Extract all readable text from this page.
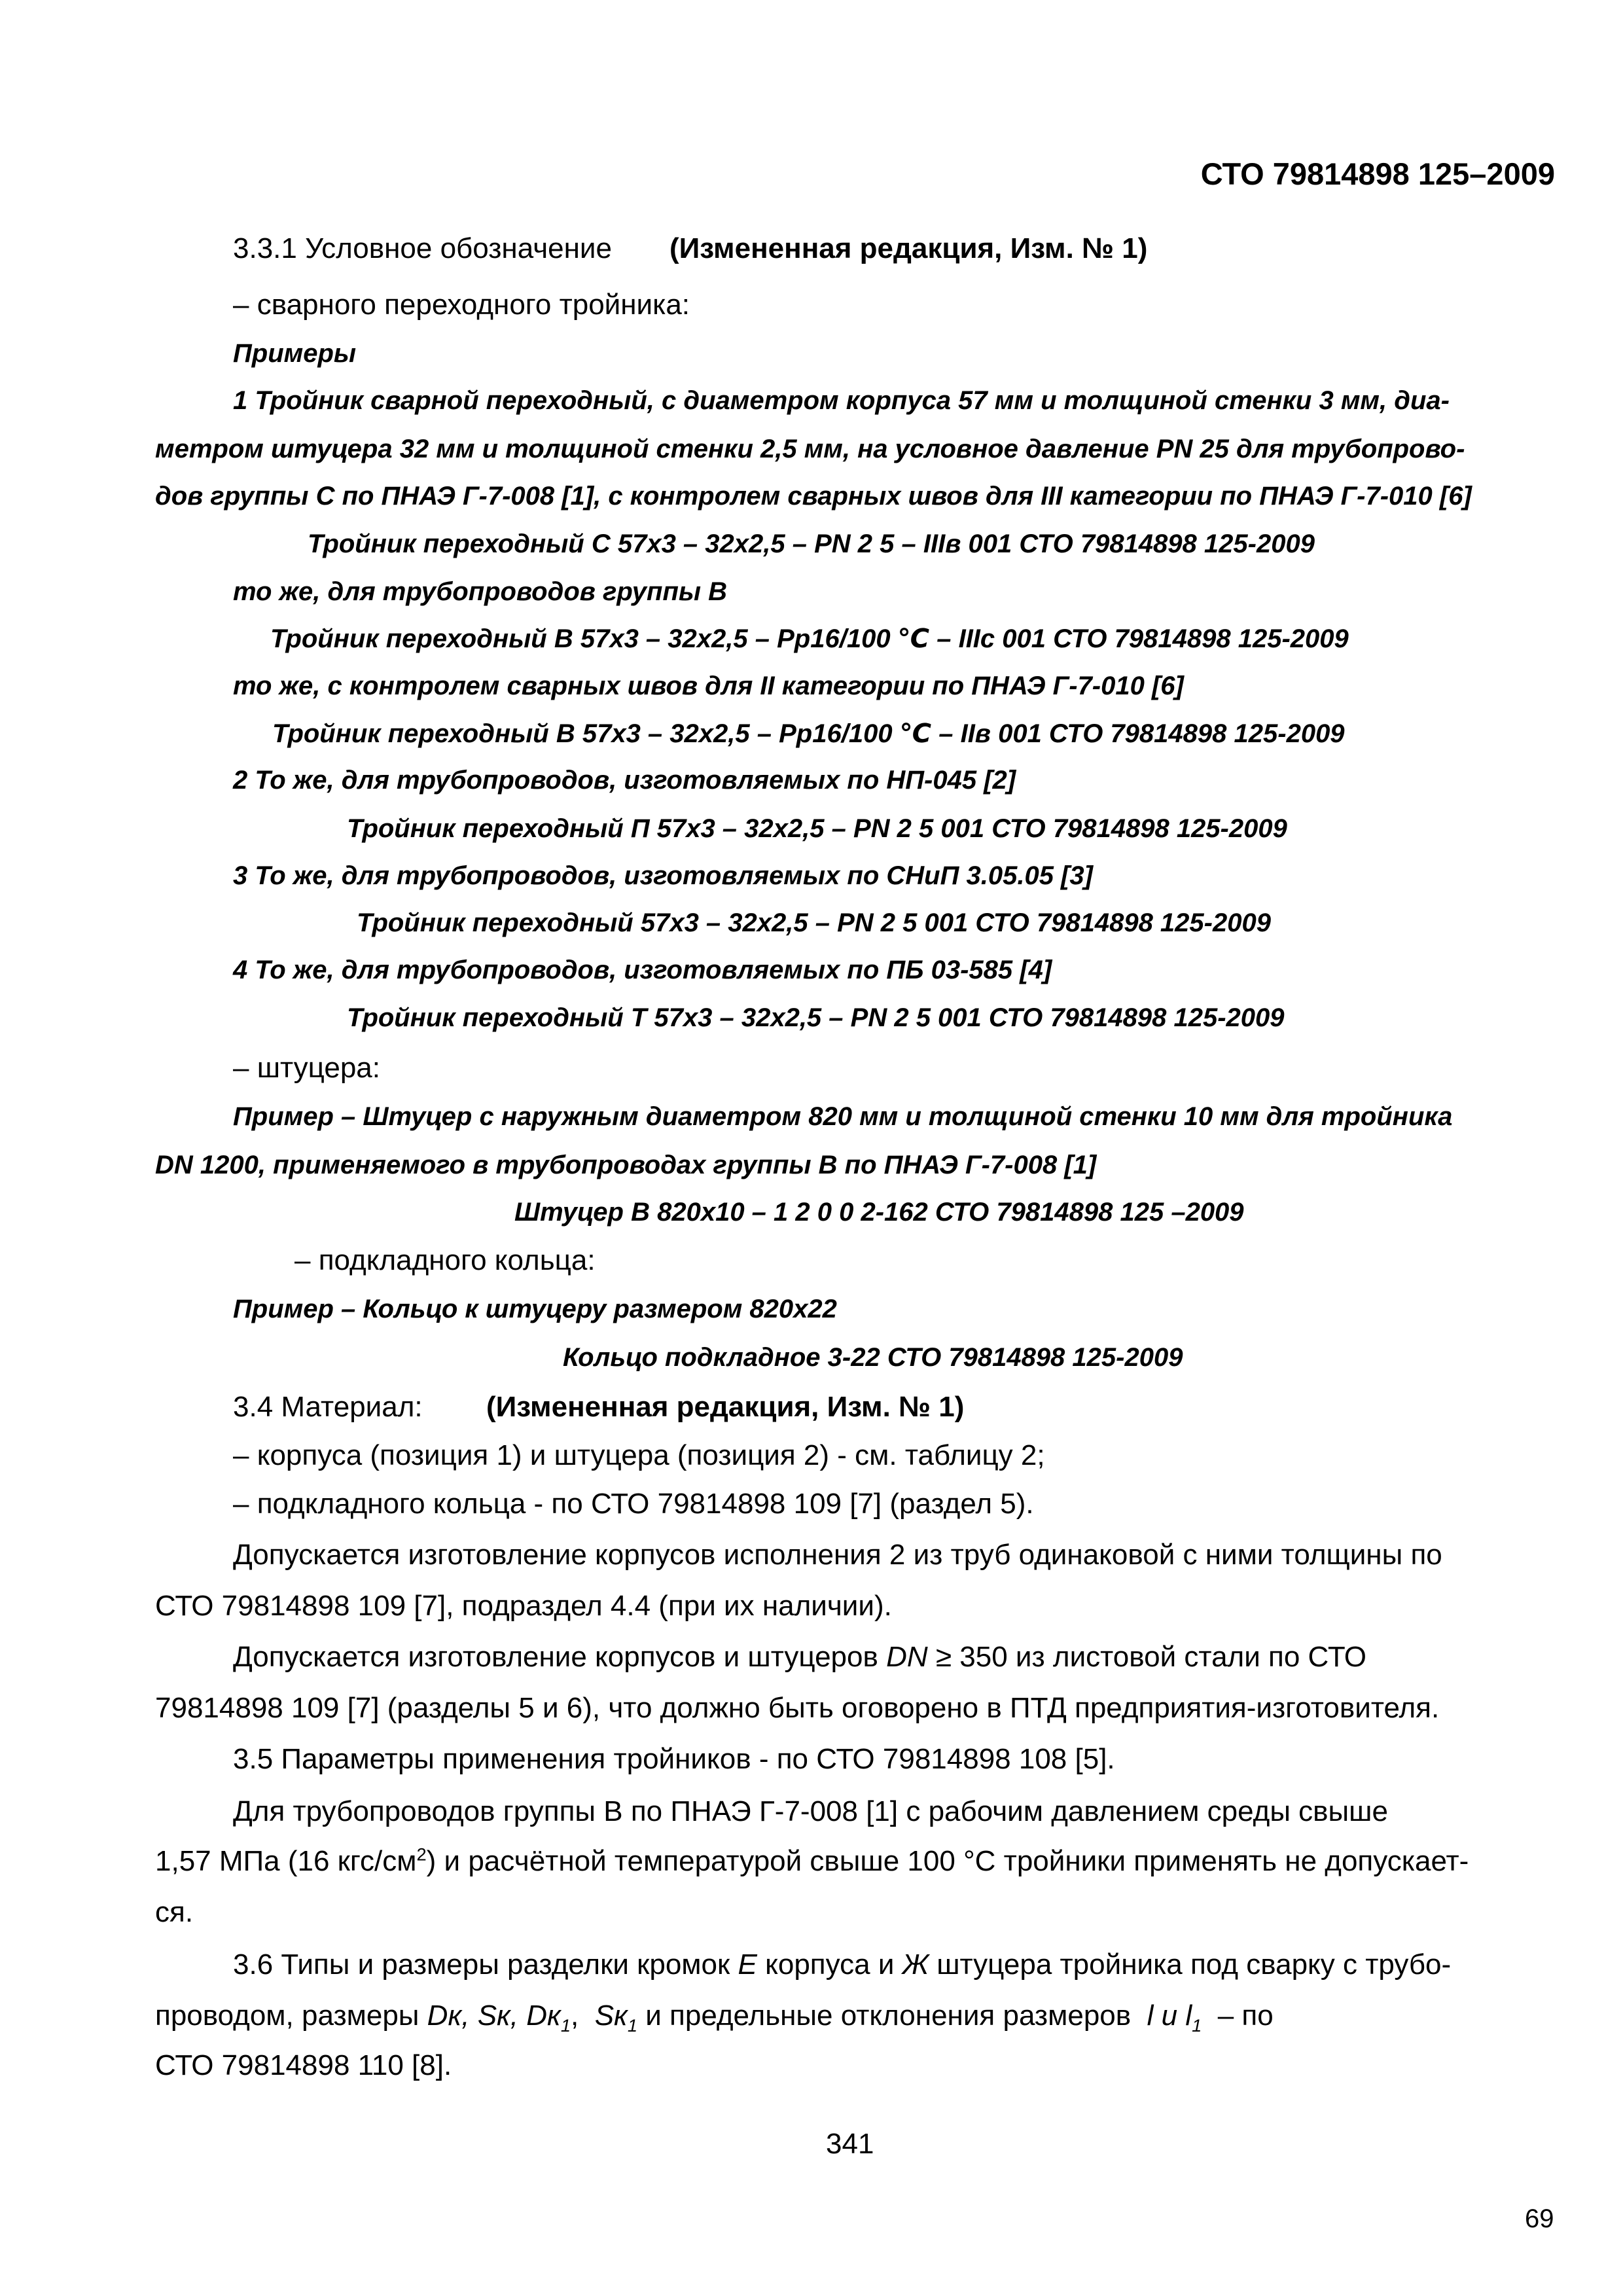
СТО 79814898 125–2009
3.3.1 Условное обозначение (Измененная редакция, Изм. № 1)
– сварного переходного тройника:
Примеры
1 Тройник сварной переходный, с диаметром корпуса 57 мм и толщиной стенки 3 мм, диа-
метром штуцера 32 мм и толщиной стенки 2,5 мм, на условное давление PN 25 для трубопрово-
дов группы С по ПНАЭ Г-7-008 [1], с контролем сварных швов для III категории по ПНАЭ Г-7-010 [6]
Тройник переходный С 57х3 – 32х2,5 – PN 2 5 – IIIв 001 СТО 79814898 125-2009
то же, для трубопроводов группы В
Тройник переходный В 57х3 – 32х2,5 – Рр16/100 ℃ – IIIс 001 СТО 79814898 125-2009
то же, с контролем сварных швов для II категории по ПНАЭ Г-7-010 [6]
Тройник переходный В 57х3 – 32х2,5 – Рр16/100 ℃ – IIв 001 СТО 79814898 125-2009
2 То же, для трубопроводов, изготовляемых по НП-045 [2]
Тройник переходный П 57х3 – 32х2,5 – PN 2 5 001 СТО 79814898 125-2009
3 То же, для трубопроводов, изготовляемых по СНиП 3.05.05 [3]
Тройник переходный 57х3 – 32х2,5 – PN 2 5 001 СТО 79814898 125-2009
4 То же, для трубопроводов, изготовляемых по ПБ 03-585 [4]
Тройник переходный Т 57х3 – 32х2,5 – PN 2 5 001 СТО 79814898 125-2009
– штуцера:
Пример – Штуцер с наружным диаметром 820 мм и толщиной стенки 10 мм для тройника
DN 1200, применяемого в трубопроводах группы В по ПНАЭ Г-7-008 [1]
Штуцер В 820х10 – 1 2 0 0 2-162 СТО 79814898 125 –2009
– подкладного кольца:
Пример – Кольцо к штуцеру размером 820х22
Кольцо подкладное 3-22 СТО 79814898 125-2009
3.4 Материал: (Измененная редакция, Изм. № 1)
– корпуса (позиция 1) и штуцера (позиция 2) - см. таблицу 2;
– подкладного кольца - по СТО 79814898 109 [7] (раздел 5).
Допускается изготовление корпусов исполнения 2 из труб одинаковой с ними толщины по
СТО 79814898 109 [7], подраздел 4.4 (при их наличии).
Допускается изготовление корпусов и штуцеров DN ≥ 350 из листовой стали по СТО
79814898 109 [7] (разделы 5 и 6), что должно быть оговорено в ПТД предприятия-изготовителя.
3.5 Параметры применения тройников - по СТО 79814898 108 [5].
Для трубопроводов группы В по ПНАЭ Г-7-008 [1] с рабочим давлением среды свыше
1,57 МПа (16 кгс/$см^2$) и расчётной температурой свыше 100 °С тройники применять не допускает-
ся.
3.6 Типы и размеры разделки кромок Е корпуса и Ж штуцера тройника под сварку с трубо-
проводом, размеры Dк, Sк, $Dк_1$, $Sк_1$ и предельные отклонения размеров l и $l_1$ – по
СТО 79814898 110 [8].
341
69
